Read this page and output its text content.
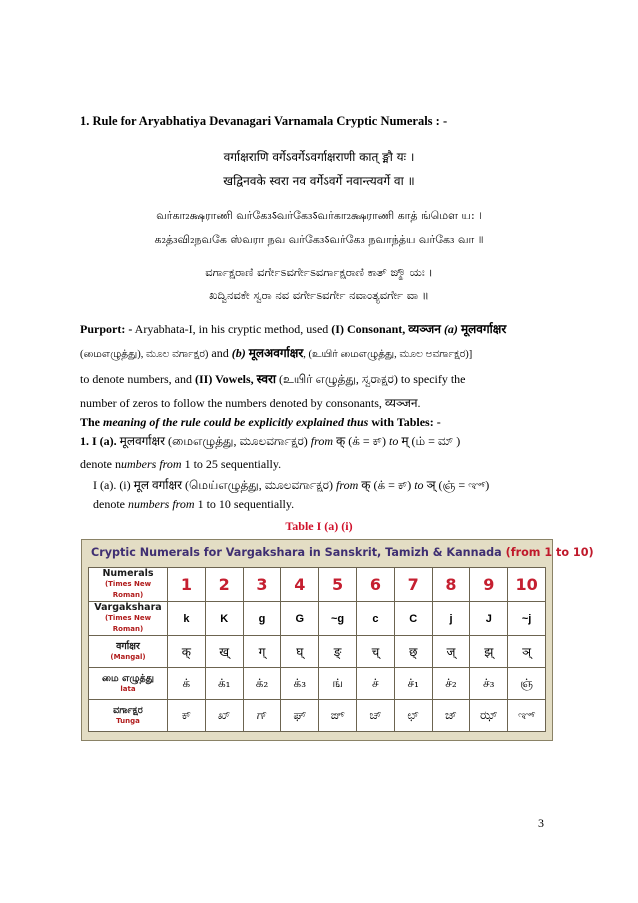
1. Rule for Aryabhatiya Devanagari Varnamala Cryptic Numerals : -
वर्गाक्षराणि वर्गेऽवर्गेऽवर्गाक्षराणी कात् ङ्मौ यः ।
खद्विनवके स्वरा नव वर्गेऽवर्गे नवान्त्यवर्गे वा ॥
வர்கா₂க்ஷராணி வர்கே₃ऽவர்கே₃ऽவர்கா₂க்ஷராணி காத் ங்மௌ ய: ।
க₂த்₃வி₂நவகே ஸ்வரா நவ வர்கே₃ऽவர்கே₃ நவாந்த்ய வர்கே₃ வா ॥
ವರ್ಗಾಕ್ಷರಾಣಿ ವರ್ಗೇಽವರ್ಗೇಽವರ್ಗಾಕ್ಷರಾಣಿ ಕಾತ್ ಙ್ಮೌ ಯಃ ।
ಖದ್ವಿನವಕೇ ಸ್ವರಾ ನವ ವರ್ಗೇಽವರ್ಗೇ ನವಾಂತ್ಯವರ್ಗೇ ವಾ ॥
Purport: - Aryabhata-I, in his cryptic method, used (I) Consonant, व्यञ्जन (a) मूलवर्गाक्षर
(மைஎழுத்து), ಮೂಲ ವರ್ಗಾಕ್ಷರ) and (b) मूलअवर्गाक्षर, (உயிர் மைஎழுத்து, ಮೂಲ ಅವರ್ಗಾಕ್ಷರ)]
to denote numbers, and (II) Vowels, स्वरा (உயிர் எழுத்து, ಸ್ವರಾಕ್ಷರ) to specify the
number of zeros to follow the numbers denoted by consonants, व्यञ्जन.
The meaning of the rule could be explicitly explained thus with Tables: -
1. I (a). मूलवर्गाक्षर (மைஎழுத்து, ಮೂಲವರ್ಗಾಕ್ಷರ) from क् (க் = ಕ್) to म् (ம் = ಮ್ )
denote numbers from 1 to 25 sequentially.
I (a). (i) मूल वर्गाक्षर (மெய்எழுத்து, ಮೂಲವರ್ಗಾಕ್ಷರ) from क् (க் = ಕ್) to ञ् (ஞ் = ಞ್)
denote numbers from 1 to 10 sequentially.
Table I (a) (i)
Cryptic Numerals for Vargakshara in Sanskrit, Tamizh & Kannada (from 1 to 10)
Numerals
(Times New Roman)	1	2	3	4	5	6	7	8	9	10
Vargakshara
(Times New Roman)	k	K	g	G	~g	c	C	j	J	~j
वर्गाक्षर
(Mangal)	क्	ख्	ग्	घ्	ङ्	च्	छ्	ज्	झ्	ञ्
மை எழுத்து
lata	க்	க்₁	க்₂	க்₃	ங்	ச்	ச்₁	ச்₂	ச்₃	ஞ்
ವರ್ಗಾಕ್ಷರ
Tunga	ಕ್	ಖ್	ಗ್	ಘ್	ಙ್	ಚ್	ಛ್	ಜ್	ಝ್	ಞ್
3
